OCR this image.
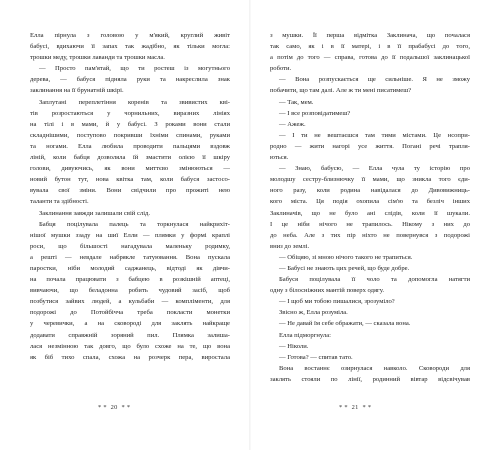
Елла пірнула з головою у м'який, круглий живіт
бабусі, вдихаючи її запах так жадібно, як тільки могла:
трошки меду, трошки лаванди та трошки масла.
— Просто пам'ятай, що ти ростеш із могутнього
дерева, — бабуся підняла руки та накреслила знак
заклинання на її брунатній шкірі.
Заплутані переплетіння коренів та звивистих кві-
тів розростаються у чорнильних, виразних лініях
на тілі і в мами, й у бабусі. З роками вони стали
складнішими, поступово покривши їхніми спинами, руками
та ногами. Елла любила проводити пальцями вздовж
ліній, коли бабця дозволяла їй змастити олією її шкіру
голови, дивуючись, як вони миттєво змінюються —
новий бутон тут, нова квітка там, коли бабуся застосо-
вувала свої зміни. Вони свідчили про прожиті нею
таланти та здібності.
Заклинання завжди залишали свій слід.
Бабця поцілувала палець та торкнулася найкрихіт-
нішої мушки ззаду на шиї Елли — плямки у формі краплі
роси, що більшості нагадувала маленьку родимку,
а решті — невдале набрякле татуювання. Вона пускала
паростки, ніби молодий саджанець, відтоді як дівчи-
на почала працювати з бабцею в розкішній аптеці,
вивчаючи, що беладонна робить чудовий засіб, щоб
позбутися зайвих людей, а кульбаби — компліменти, для
подорожі до Потойбічча треба покласти монетки
у черевички, а на сковороді для заклять найкраще
додавати справжній зоряний пил. Плямка залиша-
лася незмінною так довго, що було схоже на те, що вона
як біб тихо спала, схожа на розчерк пера, виростала
* *  20  * *
з мушки. Її перша відмітка Заклинача, що почалася
так само, як і в її матері, і в її прабабусі до того,
а потім до того — справа, готова до її подальшої заклинацької
роботи.
— Вона розпускається ще сильніше. Я не зможу
побачити, що там далі. Але ж ти мені писатимеш?
— Так, мем.
— І все розповідатимеш?
— Ажеж.
— І ти не вештаєшся там тими містами. Це нсопри-
родно — жити нагорі усе життя. Погані речі трапля-
ються.
— Знаю, бабусю, — Елла чула ту історію про
молодшу сестру-близнючку її мами, що зникла того єди-
ного разу, коли родина навідалася до Дивовижниць-
кого міста. Ця подія охопила сім'ю та безліч інших
Заклиначів, що не було ані слідів, коли її шукали.
І це ніби нічого не трапилось. Нікому з них до
до неба. Але з тих пір ніхто не повернувся з подорожі
вниз до землі.
— Обіцяю, зі мною нічого такого не трапиться.
— Бабусі не знають цих речей, що буде добре.
Бабуся поцілувала її чоло та допомогла натягти
одну з білосніжних мантій поверх одягу.
— І щоб ми тобою пишалися, зрозуміло?
Звісно ж, Елла розуміла.
— Не давай їм себе ображати, — сказала вона.
Елла підморгнула:
— Ніколи.
— Готова? — спитав тато.
Вона востаннє озирнулася навколо. Сковороди для
заклять стояли по лінії, родинний вівтар відсвічував
* *  21  * *
